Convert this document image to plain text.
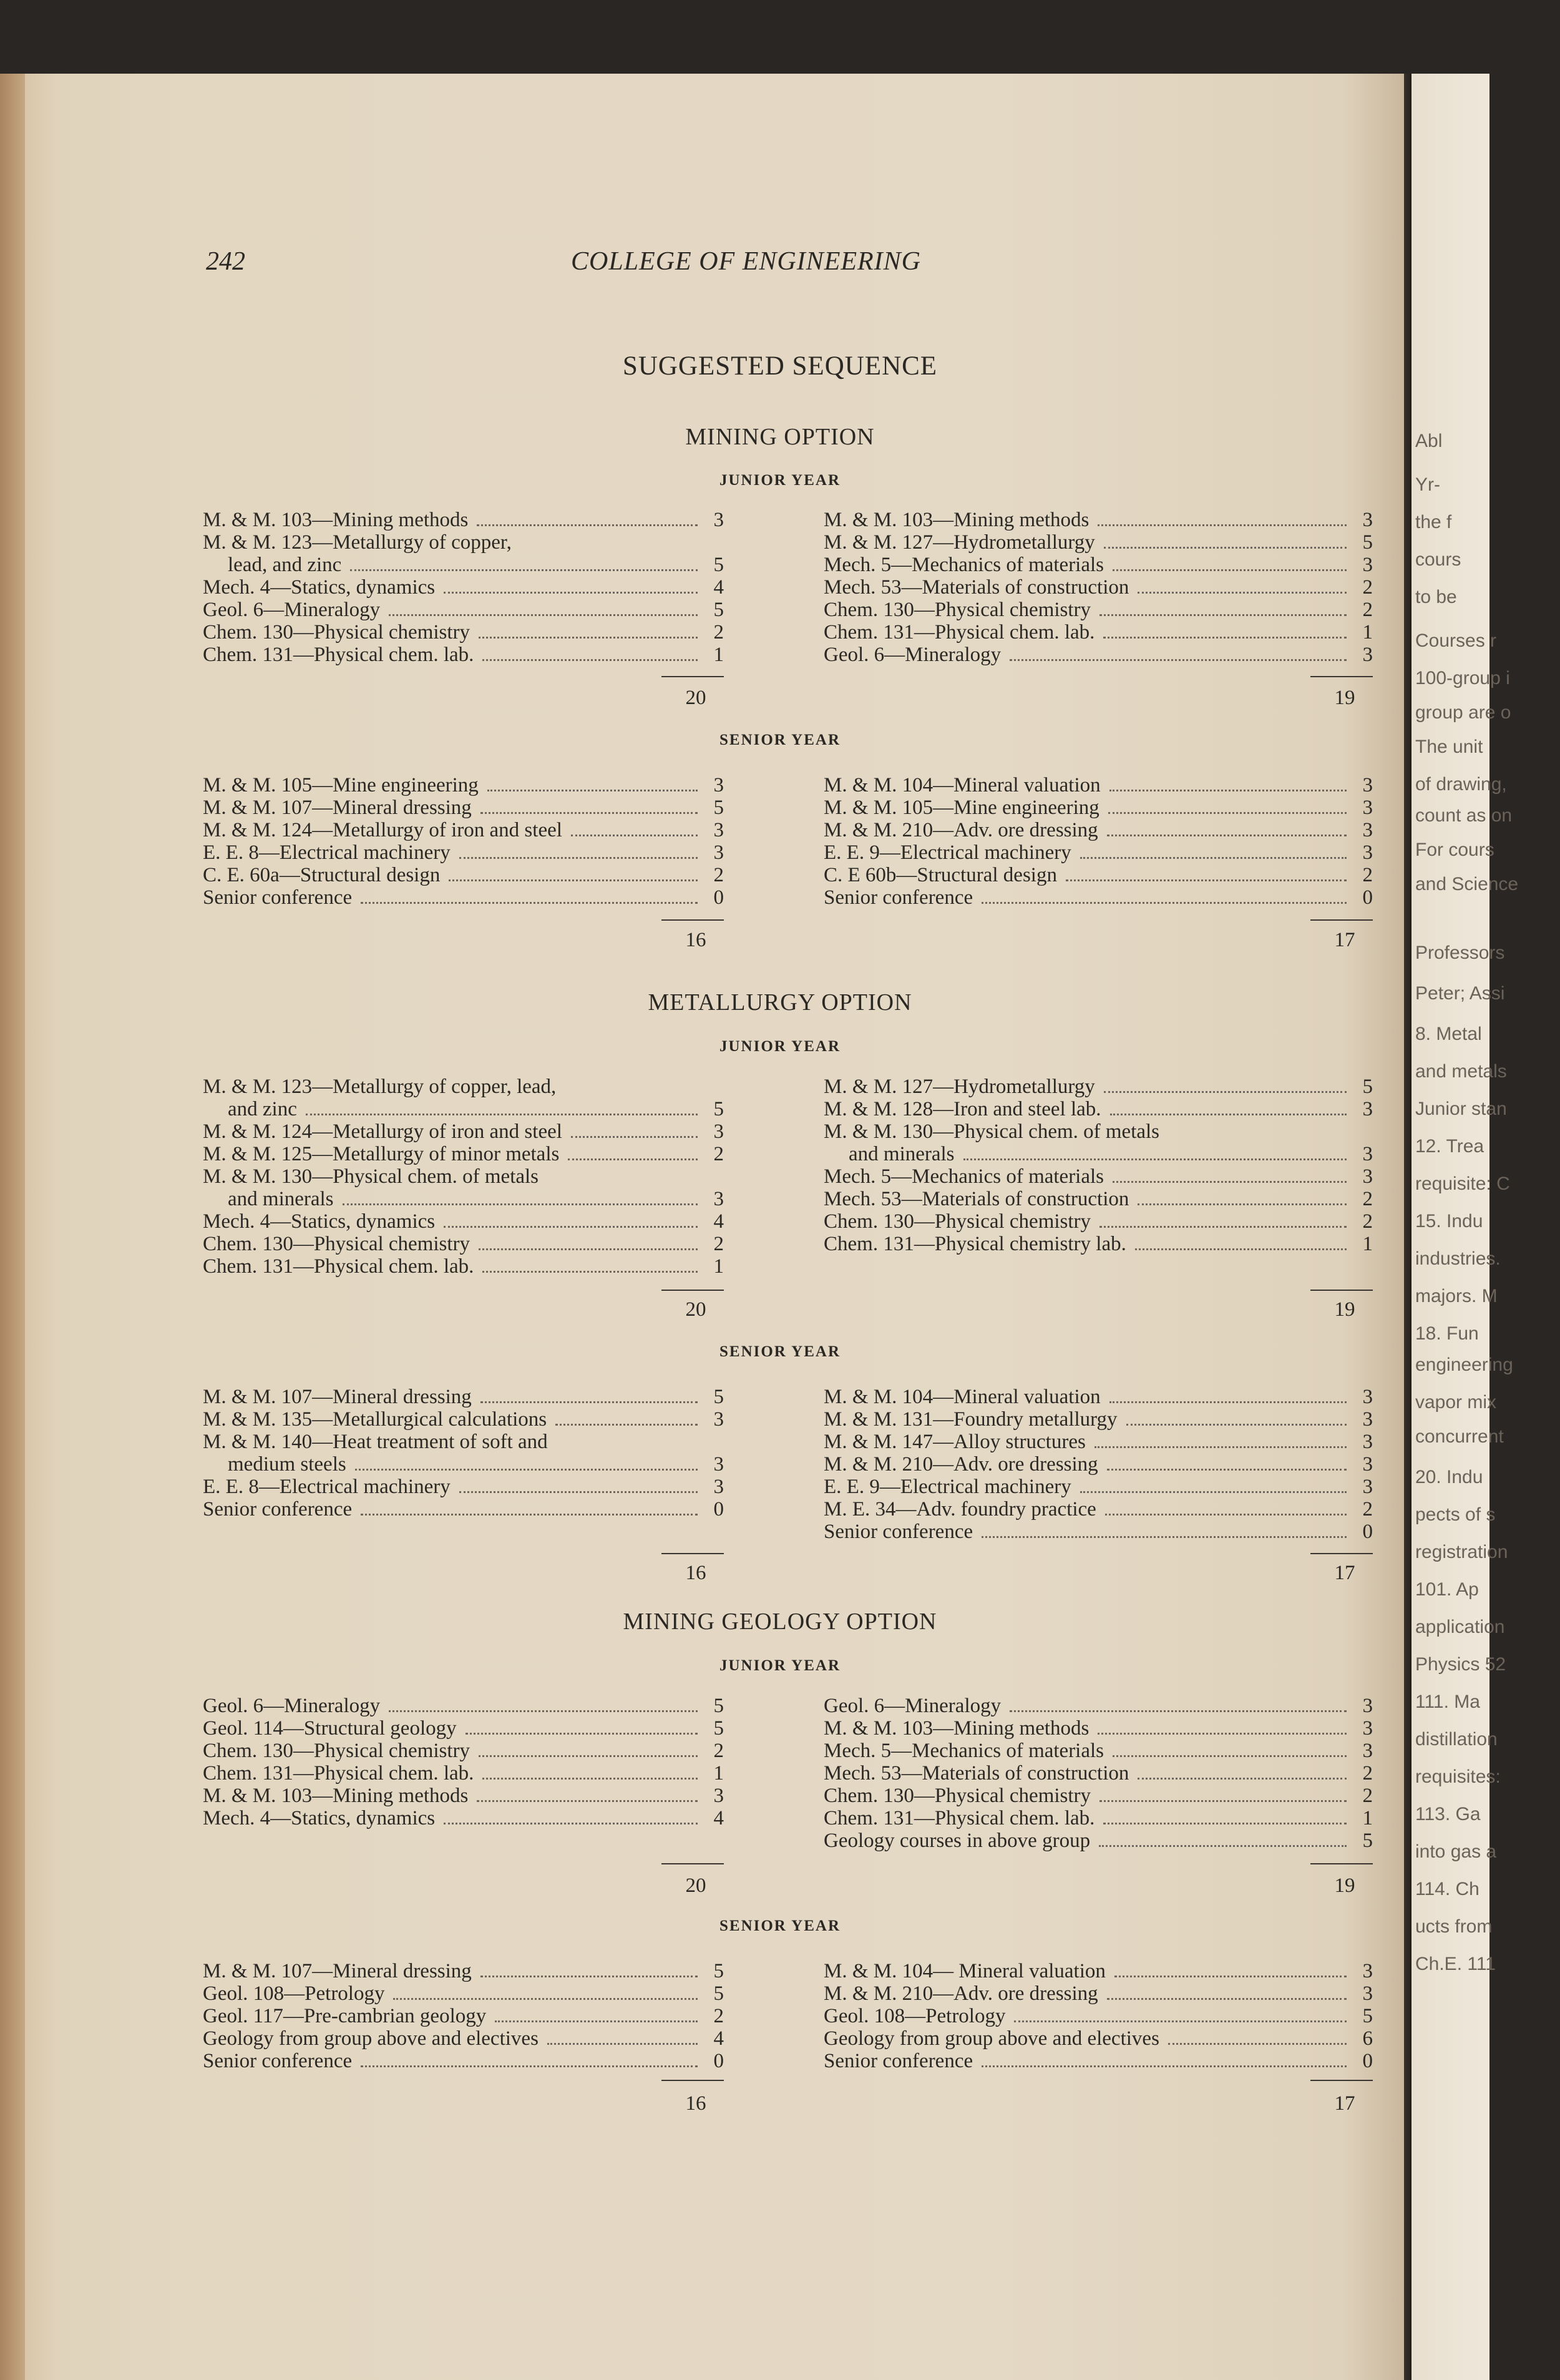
Abl
Yr-
the f
cours
to be
Courses r
100-group i
group are o
The unit
of drawing,
count as on
For cours
and Science
Professors
Peter; Assi
8. Metal
and metals
Junior stan
12. Trea
requisite: C
15. Indu
industries.
majors. M
18. Fun
engineering
vapor mix
concurrent
20. Indu
pects of s
registration
101. Ap
application
Physics 52
111. Ma
distillation
requisites:
113. Ga
into gas a
114. Ch
ucts from
Ch.E. 111
242	COLLEGE OF ENGINEERING
SUGGESTED SEQUENCE
MINING OPTION
JUNIOR YEAR
M. & M. 103—Mining methods	3
M. & M. 123—Metallurgy of copper,
lead, and zinc	5
Mech. 4—Statics, dynamics	4
Geol. 6—Mineralogy	5
Chem. 130—Physical chemistry	2
Chem. 131—Physical chem. lab.	1
20
M. & M. 103—Mining methods	3
M. & M. 127—Hydrometallurgy	5
Mech. 5—Mechanics of materials	3
Mech. 53—Materials of construction	2
Chem. 130—Physical chemistry	2
Chem. 131—Physical chem. lab.	1
Geol. 6—Mineralogy	3
19
SENIOR YEAR
M. & M. 105—Mine engineering	3
M. & M. 107—Mineral dressing	5
M. & M. 124—Metallurgy of iron and steel	3
E. E. 8—Electrical machinery	3
C. E. 60a—Structural design	2
Senior conference	0
16
M. & M. 104—Mineral valuation	3
M. & M. 105—Mine engineering	3
M. & M. 210—Adv. ore dressing	3
E. E. 9—Electrical machinery	3
C. E 60b—Structural design	2
Senior conference	0
17
METALLURGY OPTION
JUNIOR YEAR
M. & M. 123—Metallurgy of copper, lead,
and zinc	5
M. & M. 124—Metallurgy of iron and steel	3
M. & M. 125—Metallurgy of minor metals	2
M. & M. 130—Physical chem. of metals
and minerals	3
Mech. 4—Statics, dynamics	4
Chem. 130—Physical chemistry	2
Chem. 131—Physical chem. lab.	1
20
M. & M. 127—Hydrometallurgy	5
M. & M. 128—Iron and steel lab.	3
M. & M. 130—Physical chem. of metals
and minerals	3
Mech. 5—Mechanics of materials	3
Mech. 53—Materials of construction	2
Chem. 130—Physical chemistry	2
Chem. 131—Physical chemistry lab.	1
19
SENIOR YEAR
M. & M. 107—Mineral dressing	5
M. & M. 135—Metallurgical calculations	3
M. & M. 140—Heat treatment of soft and
medium steels	3
E. E. 8—Electrical machinery	3
Senior conference	0
16
M. & M. 104—Mineral valuation	3
M. & M. 131—Foundry metallurgy	3
M. & M. 147—Alloy structures	3
M. & M. 210—Adv. ore dressing	3
E. E. 9—Electrical machinery	3
M. E. 34—Adv. foundry practice	2
Senior conference	0
17
MINING GEOLOGY OPTION
JUNIOR YEAR
Geol. 6—Mineralogy	5
Geol. 114—Structural geology	5
Chem. 130—Physical chemistry	2
Chem. 131—Physical chem. lab.	1
M. & M. 103—Mining methods	3
Mech. 4—Statics, dynamics	4
20
Geol. 6—Mineralogy	3
M. & M. 103—Mining methods	3
Mech. 5—Mechanics of materials	3
Mech. 53—Materials of construction	2
Chem. 130—Physical chemistry	2
Chem. 131—Physical chem. lab.	1
Geology courses in above group	5
19
SENIOR YEAR
M. & M. 107—Mineral dressing	5
Geol. 108—Petrology	5
Geol. 117—Pre-cambrian geology	2
Geology from group above and electives	4
Senior conference	0
16
M. & M. 104— Mineral valuation	3
M. & M. 210—Adv. ore dressing	3
Geol. 108—Petrology	5
Geology from group above and electives	6
Senior conference	0
17
